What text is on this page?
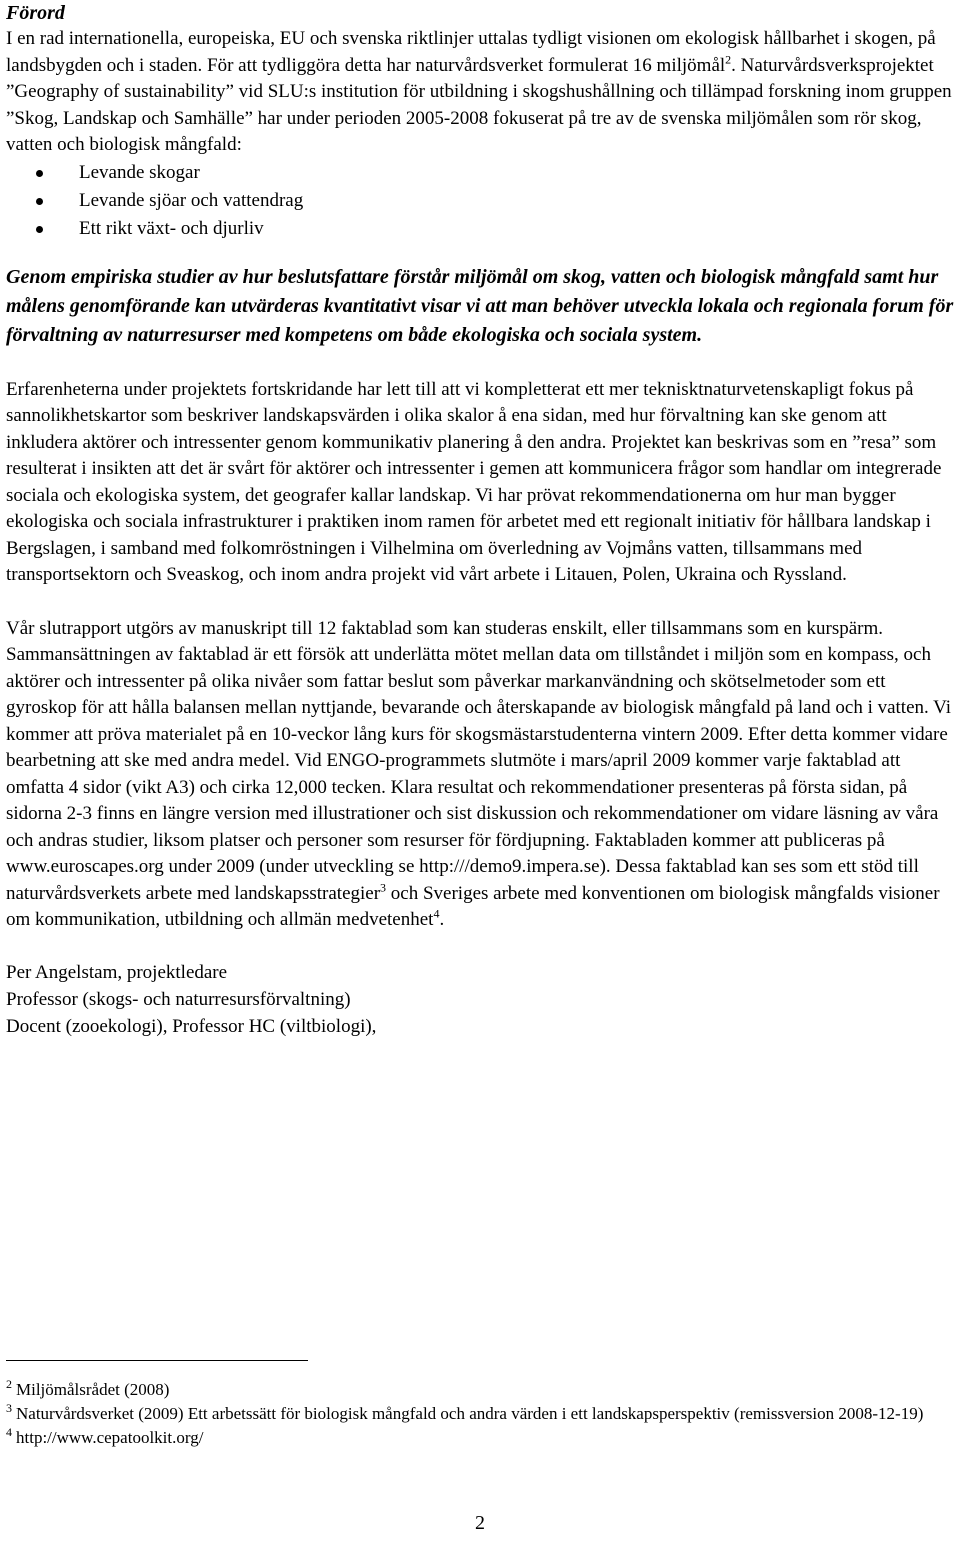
Förord

I en rad internationella, europeiska, EU och svenska riktlinjer uttalas tydligt visionen om ekologisk hållbarhet i skogen, på landsbygden och i staden. För att tydliggöra detta har naturvårdsverket formulerat 16 miljömål$^2$. Naturvårdsverksprojektet ”Geography of sustainability” vid SLU:s institution för utbildning i skogshushållning och tillämpad forskning inom gruppen ”Skog, Landskap och Samhälle” har under perioden 2005-2008 fokuserat på tre av de svenska miljömålen som rör skog, vatten och biologisk mångfald:

Levande skogar
Levande sjöar och vattendrag
Ett rikt växt- och djurliv

Genom empiriska studier av hur beslutsfattare förstår miljömål om skog, vatten och biologisk mångfald samt hur målens genomförande kan utvärderas kvantitativt visar vi att man behöver utveckla lokala och regionala forum för förvaltning av naturresurser med kompetens om både ekologiska och sociala system.

Erfarenheterna under projektets fortskridande har lett till att vi kompletterat ett mer teknisktnaturvetenskapligt fokus på sannolikhetskartor som beskriver landskapsvärden i olika skalor å ena sidan, med hur förvaltning kan ske genom att inkludera aktörer och intressenter genom kommunikativ planering å den andra. Projektet kan beskrivas som en ”resa” som resulterat i insikten att det är svårt för aktörer och intressenter i gemen att kommunicera frågor som handlar om integrerade sociala och ekologiska system, det geografer kallar landskap. Vi har prövat rekommendationerna om hur man bygger ekologiska och sociala infrastrukturer i praktiken inom ramen för arbetet med ett regionalt initiativ för hållbara landskap i Bergslagen, i samband med folkomröstningen i Vilhelmina om överledning av Vojmåns vatten, tillsammans med transportsektorn och Sveaskog, och inom andra projekt vid vårt arbete i Litauen, Polen, Ukraina och Ryssland.

Vår slutrapport utgörs av manuskript till 12 faktablad som kan studeras enskilt, eller tillsammans som en kurspärm. Sammansättningen av faktablad är ett försök att underlätta mötet mellan data om tillståndet i miljön som en kompass, och aktörer och intressenter på olika nivåer som fattar beslut som påverkar markanvändning och skötselmetoder som ett gyroskop för att hålla balansen mellan nyttjande, bevarande och återskapande av biologisk mångfald på land och i vatten. Vi kommer att pröva materialet på en 10-veckor lång kurs för skogsmästarstudenterna vintern 2009. Efter detta kommer vidare bearbetning att ske med andra medel. Vid ENGO-programmets slutmöte i mars/april 2009 kommer varje faktablad att omfatta 4 sidor (vikt A3) och cirka 12,000 tecken. Klara resultat och rekommendationer presenteras på första sidan, på sidorna 2-3 finns en längre version med illustrationer och sist diskussion och rekommendationer om vidare läsning av våra och andras studier, liksom platser och personer som resurser för fördjupning. Faktabladen kommer att publiceras på www.euroscapes.org under 2009 (under utveckling se http:///demo9.impera.se). Dessa faktablad kan ses som ett stöd till naturvårdsverkets arbete med landskapsstrategier$^3$ och Sveriges arbete med konventionen om biologisk mångfalds visioner om kommunikation, utbildning och allmän medvetenhet$^4$.

Per Angelstam, projektledare

Professor (skogs- och naturresursförvaltning)

Docent (zooekologi), Professor HC (viltbiologi),

$^2$ Miljömålsrådet (2008)

$^3$ Naturvårdsverket (2009) Ett arbetssätt för biologisk mångfald och andra värden i ett landskapsperspektiv (remissversion 2008-12-19)

$^4$ http://www.cepatoolkit.org/

2
